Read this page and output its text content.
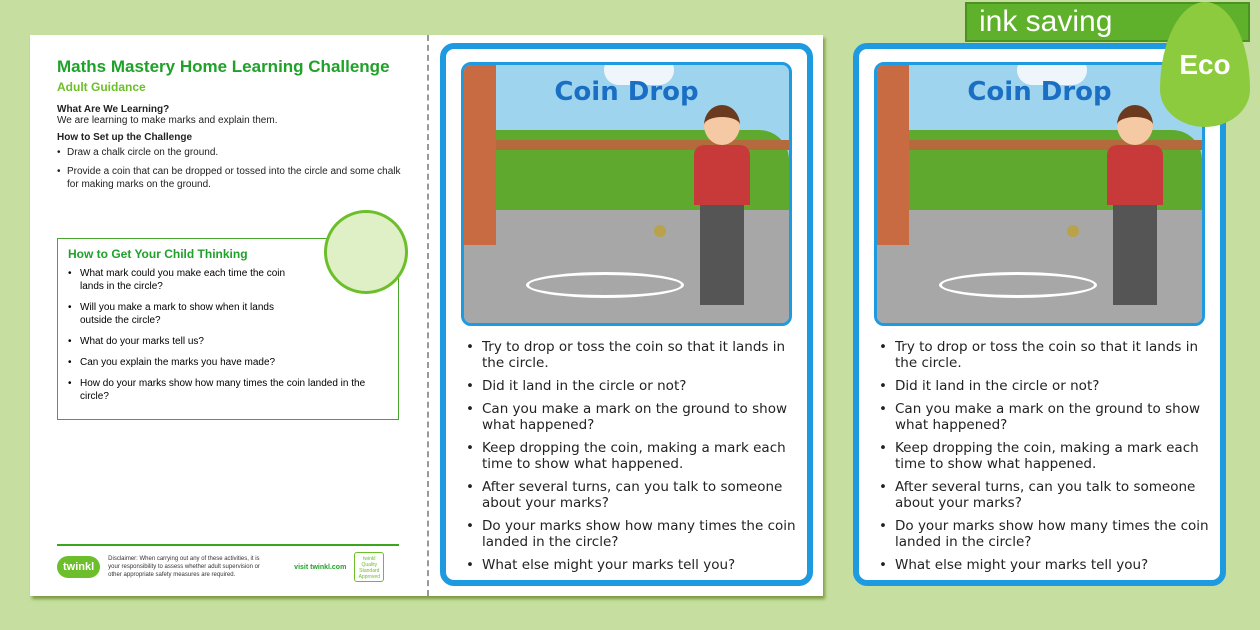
Maths Mastery Home Learning Challenge
Adult Guidance
What Are We Learning?
We are learning to make marks and explain them.
How to Set up the Challenge
• Draw a chalk circle on the ground.
• Provide a coin that can be dropped or tossed into the circle and some chalk for making marks on the ground.
How to Get Your Child Thinking
• What mark could you make each time the coin lands in the circle?
• Will you make a mark to show when it lands outside the circle?
• What do your marks tell us?
• Can you explain the marks you have made?
• How do your marks show how many times the coin landed in the circle?
twinkl
Disclaimer: When carrying out any of these activities, it is your responsibility to assess whether adult supervision or other appropriate safety measures are required.
visit twinkl.com
twinkl Quality Standard Approved
Coin Drop
• Try to drop or toss the coin so that it lands in the circle.
• Did it land in the circle or not?
• Can you make a mark on the ground to show what happened?
• Keep dropping the coin, making a mark each time to show what happened.
• After several turns, can you talk to someone about your marks?
• Do your marks show how many times the coin landed in the circle?
• What else might your marks tell you?
Coin Drop
• Try to drop or toss the coin so that it lands in the circle.
• Did it land in the circle or not?
• Can you make a mark on the ground to show what happened?
• Keep dropping the coin, making a mark each time to show what happened.
• After several turns, can you talk to someone about your marks?
• Do your marks show how many times the coin landed in the circle?
• What else might your marks tell you?
ink saving
Eco
